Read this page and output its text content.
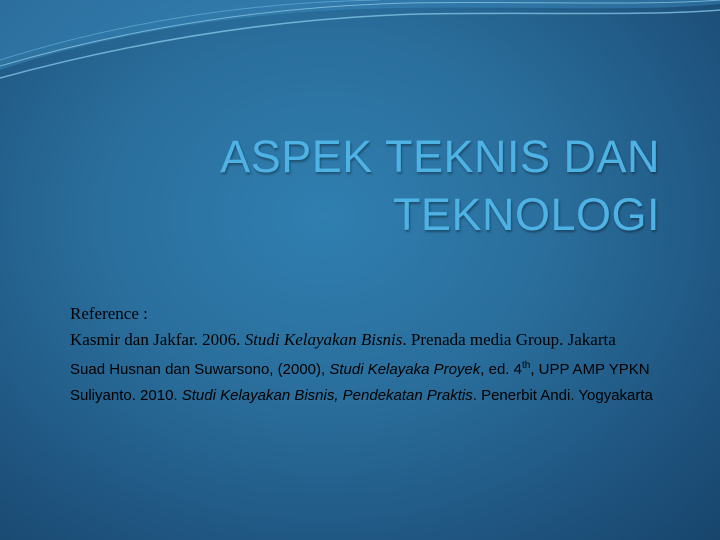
ASPEK TEKNIS DAN
TEKNOLOGI
Reference :
Kasmir dan Jakfar. 2006. Studi Kelayakan Bisnis. Prenada media Group. Jakarta
Suad Husnan dan Suwarsono, (2000), Studi Kelayaka Proyek, ed. 4th, UPP AMP YPKN
Suliyanto. 2010. Studi Kelayakan Bisnis, Pendekatan Praktis. Penerbit Andi. Yogyakarta
